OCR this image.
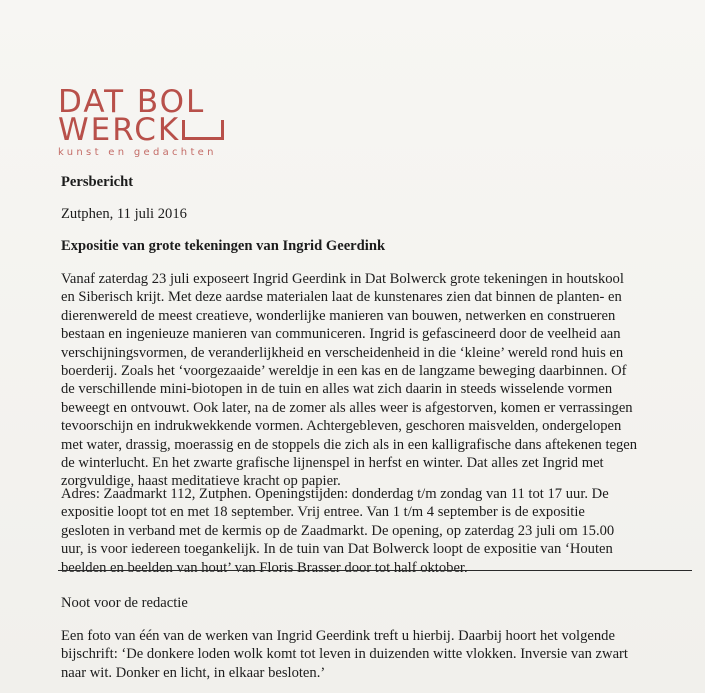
DAT BOL
WERCK
kunst en gedachten
Persbericht
Zutphen, 11 juli 2016
Expositie van grote tekeningen van Ingrid Geerdink
Vanaf zaterdag 23 juli exposeert Ingrid Geerdink in Dat Bolwerck grote tekeningen in houtskool
en Siberisch krijt. Met deze aardse materialen laat de kunstenares zien dat binnen de planten- en
dierenwereld de meest creatieve, wonderlijke manieren van bouwen, netwerken en construeren
bestaan en ingenieuze manieren van communiceren. Ingrid is gefascineerd door de veelheid aan
verschijningsvormen, de veranderlijkheid en verscheidenheid in die ‘kleine’ wereld rond huis en
boerderij. Zoals het ‘voorgezaaide’ wereldje in een kas en de langzame beweging daarbinnen. Of
de verschillende mini-biotopen in de tuin en alles wat zich daarin in steeds wisselende vormen
beweegt en ontvouwt. Ook later, na de zomer als alles weer is afgestorven, komen er verrassingen
tevoorschijn en indrukwekkende vormen. Achtergebleven, geschoren maisvelden, ondergelopen
met water, drassig, moerassig en de stoppels die zich als in een kalligrafische dans aftekenen tegen
de winterlucht. En het zwarte grafische lijnenspel in herfst en winter. Dat alles zet Ingrid met
zorgvuldige, haast meditatieve kracht op papier.
Adres: Zaadmarkt 112, Zutphen. Openingstijden: donderdag t/m zondag van 11 tot 17 uur. De
expositie loopt tot en met 18 september. Vrij entree. Van 1 t/m 4 september is de expositie
gesloten in verband met de kermis op de Zaadmarkt. De opening, op zaterdag 23 juli om 15.00
uur, is voor iedereen toegankelijk. In de tuin van Dat Bolwerck loopt de expositie van ‘Houten
beelden en beelden van hout’ van Floris Brasser door tot half oktober.
Noot voor de redactie
Een foto van één van de werken van Ingrid Geerdink treft u hierbij. Daarbij hoort het volgende
bijschrift: ‘De donkere loden wolk komt tot leven in duizenden witte vlokken. Inversie van zwart
naar wit. Donker en licht, in elkaar besloten.’
